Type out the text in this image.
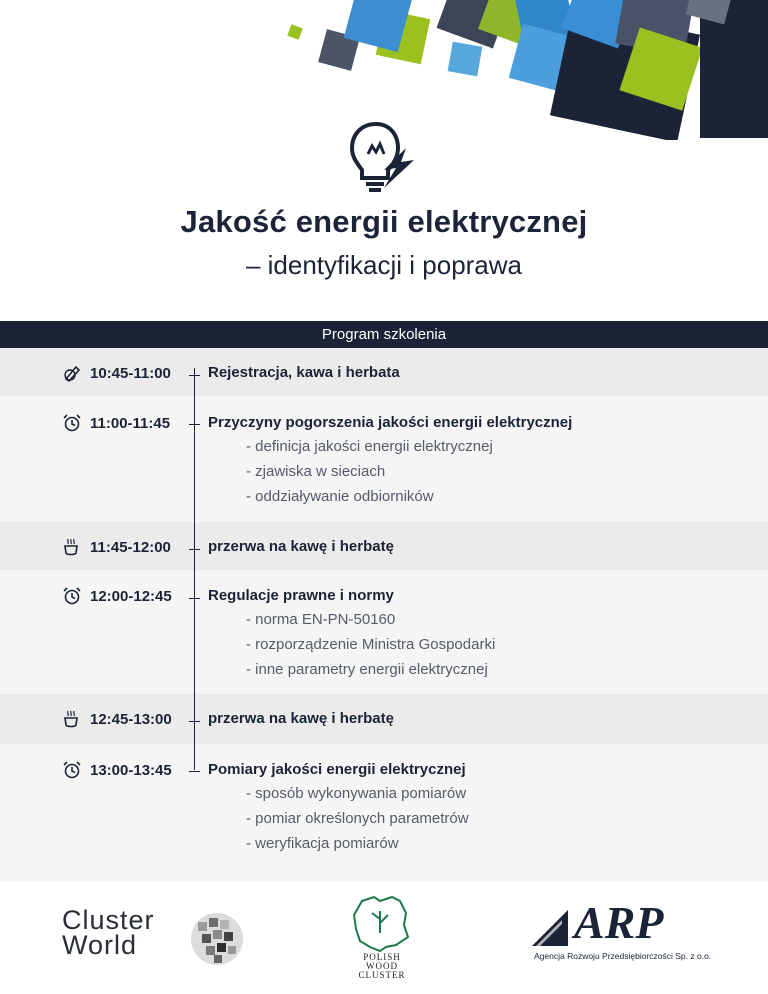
Jakość energii elektrycznej
– identyfikacji i poprawa
Program szkolenia
10:45-11:00 Rejestracja, kawa i herbata
11:00-11:45	Przyczyny pogorszenia jakości energii elektrycznej
- definicja jakości energii elektrycznej
- zjawiska w sieciach
- oddziaływanie odbiorników
11:45-12:00 przerwa na kawę i herbatę
12:00-12:45 Regulacje prawne i normy
- norma EN-PN-50160
- rozporządzenie Ministra Gospodarki
- inne parametry energii elektrycznej
12:45-13:00 przerwa na kawę i herbatę
13:00-13:45 Pomiary jakości energii elektrycznej
- sposób wykonywania pomiarów
- pomiar określonych parametrów
- weryfikacja pomiarów
Cluster
World	POLISH
WOOD
CLUSTER
ARP
Agencja Rozwoju Przedsiębiorczości Sp. z o.o.
